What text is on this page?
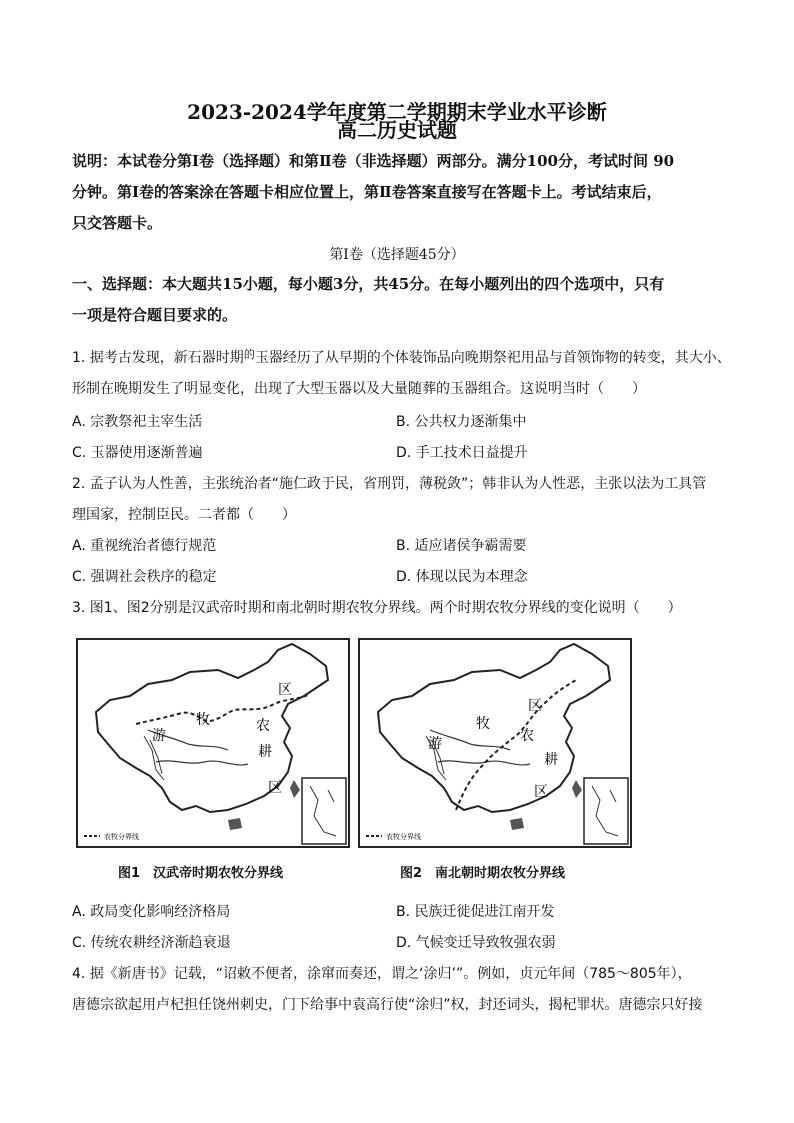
2023-2024学年度第二学期期末学业水平诊断
高二历史试题
说明：本试卷分第Ⅰ卷（选择题）和第Ⅱ卷（非选择题）两部分。满分100分，考试时间 90
分钟。第Ⅰ卷的答案涂在答题卡相应位置上，第Ⅱ卷答案直接写在答题卡上。考试结束后，
只交答题卡。
第Ⅰ卷（选择题45分）
一、选择题：本大题共15小题，每小题3分，共45分。在每小题列出的四个选项中，只有
一项是符合题目要求的。
1. 据考古发现，新石器时期$^的$玉器经历了从早期的个体装饰品向晚期祭祀用品与首领饰物的转变，其大小、
形制在晚期发生了明显变化，出现了大型玉器以及大量随葬的玉器组合。这说明当时（　　）
A. 宗教祭祀主宰生活	B. 公共权力逐渐集中
C. 玉器使用逐渐普遍	D. 手工技术日益提升
2. 孟子认为人性善，主张统治者“施仁政于民，省刑罚，薄税敛”；韩非认为人性恶，主张以法为工具管
理国家，控制臣民。二者都（　　）
A. 重视统治者德行规范	B. 适应诸侯争霸需要
C. 强调社会秩序的稳定	D. 体现以民为本理念
3. 图1、图2分别是汉武帝时期和南北朝时期农牧分界线。两个时期农牧分界线的变化说明（　　）
游
牧
区
农
耕
区
农牧分界线
图1　汉武帝时期农牧分界线
游
牧
区
农
耕
区
农牧分界线
图2　南北朝时期农牧分界线
A. 政局变化影响经济格局	B. 民族迁徙促进江南开发
C. 传统农耕经济渐趋衰退	D. 气候变迁导致牧强农弱
4. 据《新唐书》记载，“诏敕不便者，涂窜而奏还，谓之‘涂归’”。例如，贞元年间（785～805年），
唐德宗欲起用卢杞担任饶州刺史，门下给事中袁高行使“涂归”权，封还词头，揭杞罪状。唐德宗只好接
